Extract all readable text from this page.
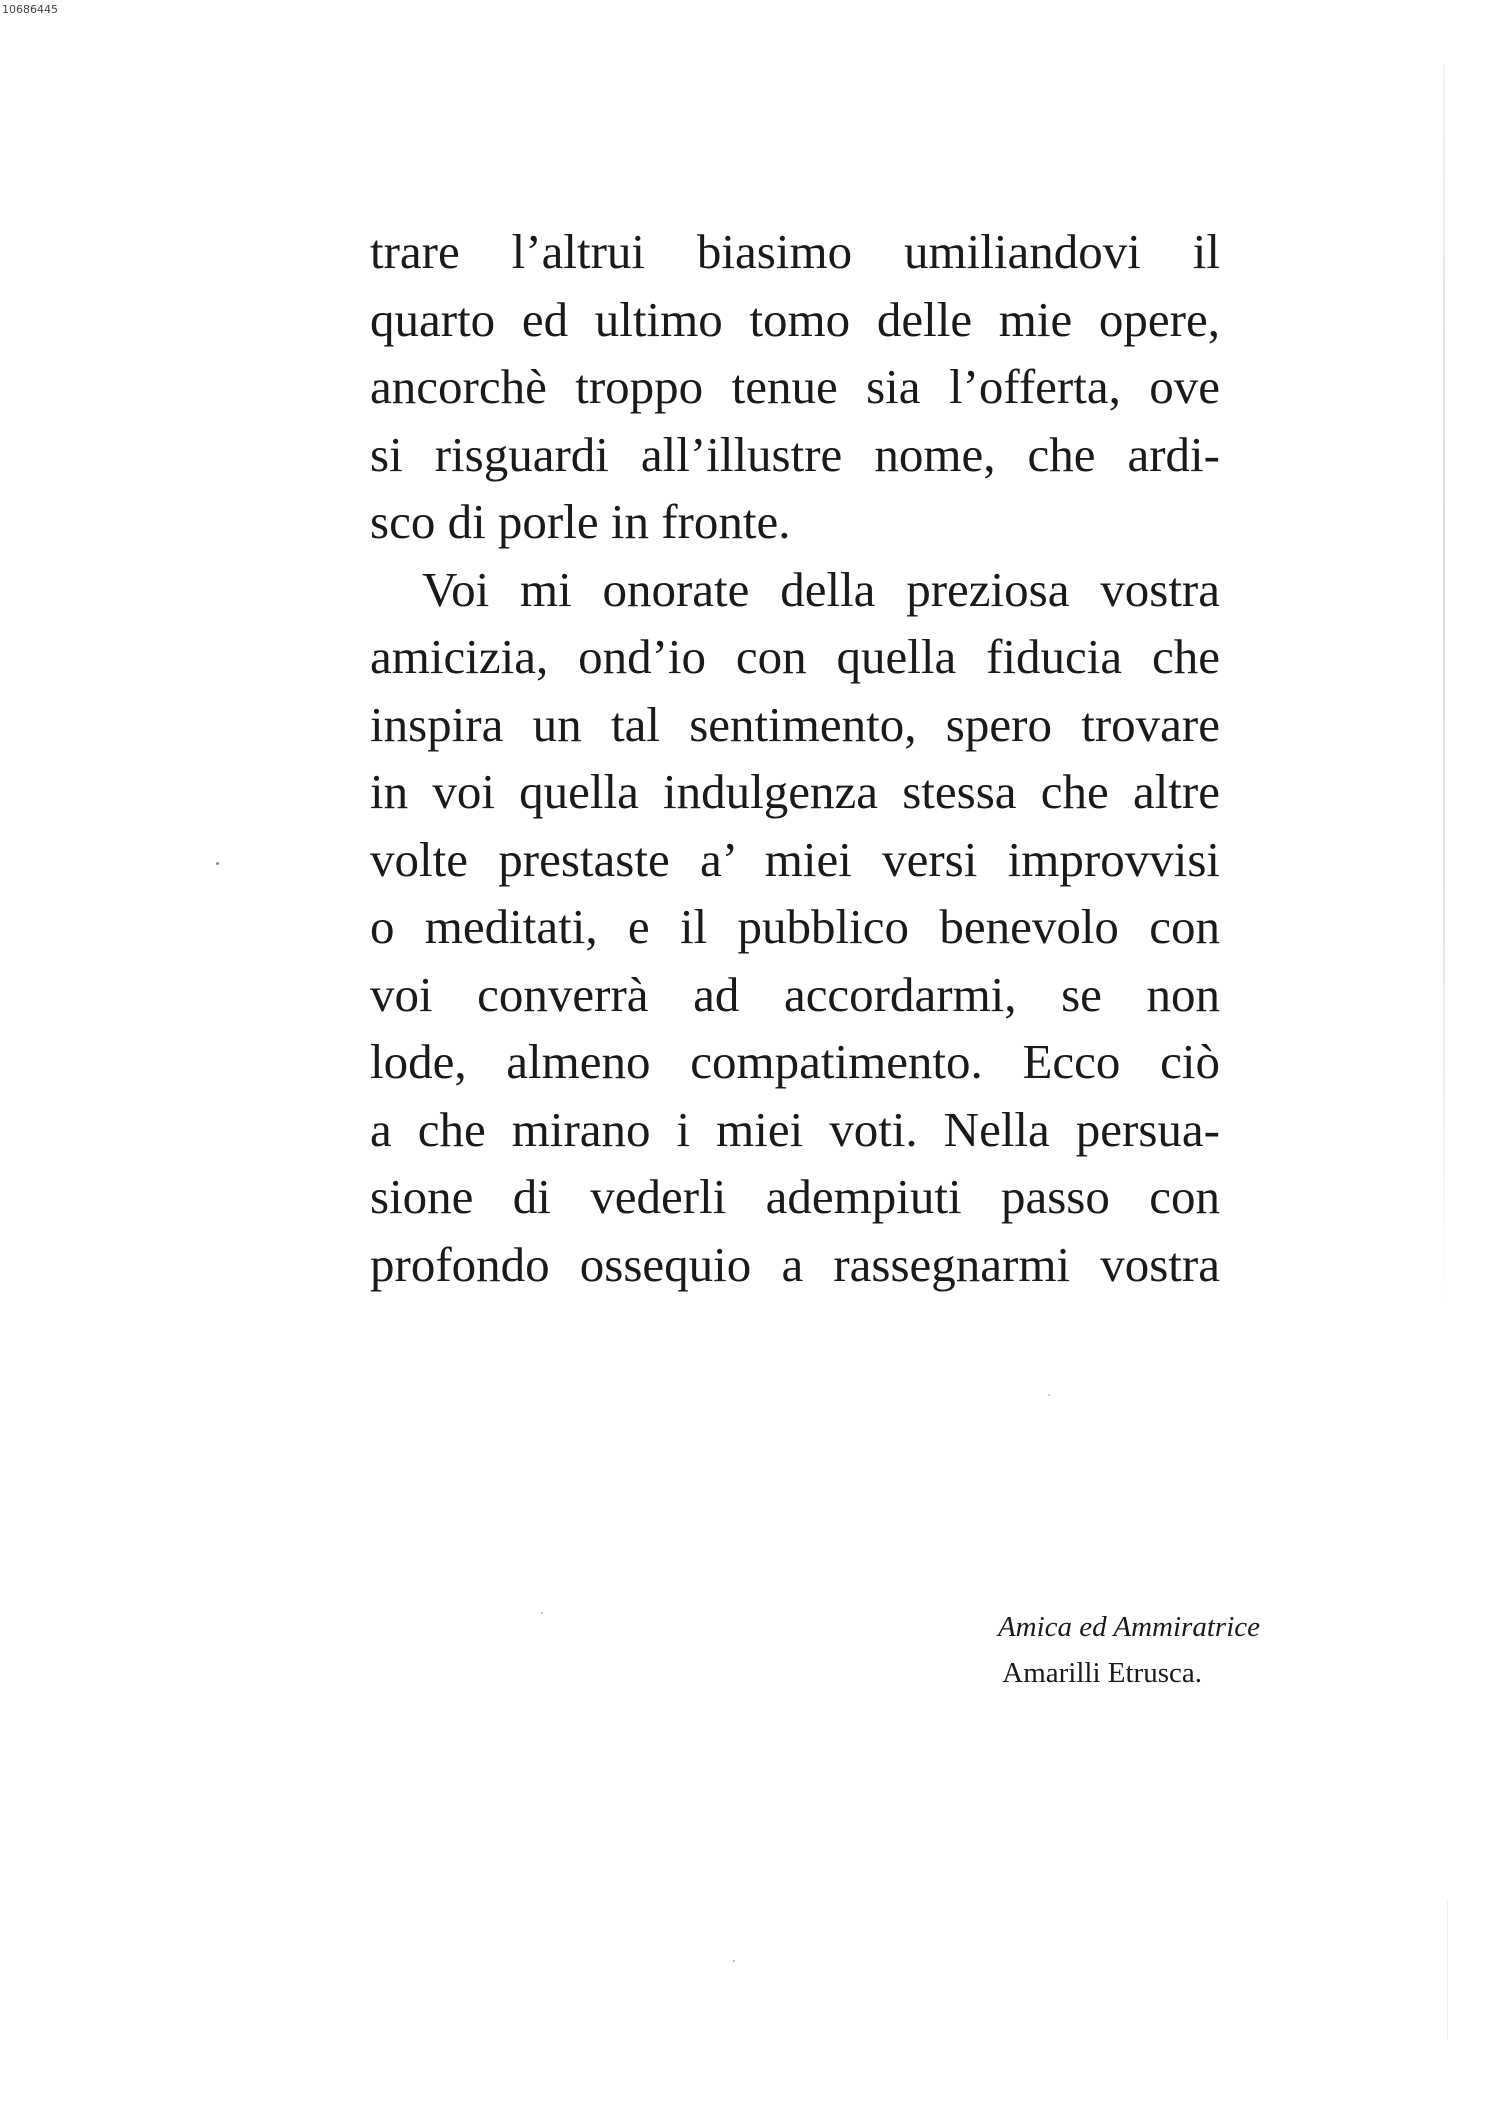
10686445
trare l’altrui biasimo umiliandovi il
quarto ed ultimo tomo delle mie opere,
ancorchè troppo tenue sia l’offerta, ove
si risguardi all’illustre nome, che ardi-
sco di porle in fronte.
Voi mi onorate della preziosa vostra
amicizia, ond’io con quella fiducia che
inspira un tal sentimento, spero trovare
in voi quella indulgenza stessa che altre
volte prestaste a’ miei versi improvvisi
o meditati, e il pubblico benevolo con
voi converrà ad accordarmi, se non
lode, almeno compatimento. Ecco ciò
a che mirano i miei voti. Nella persua-
sione di vederli adempiuti passo con
profondo ossequio a rassegnarmi vostra
Amica ed Ammiratrice
Amarilli Etrusca.
